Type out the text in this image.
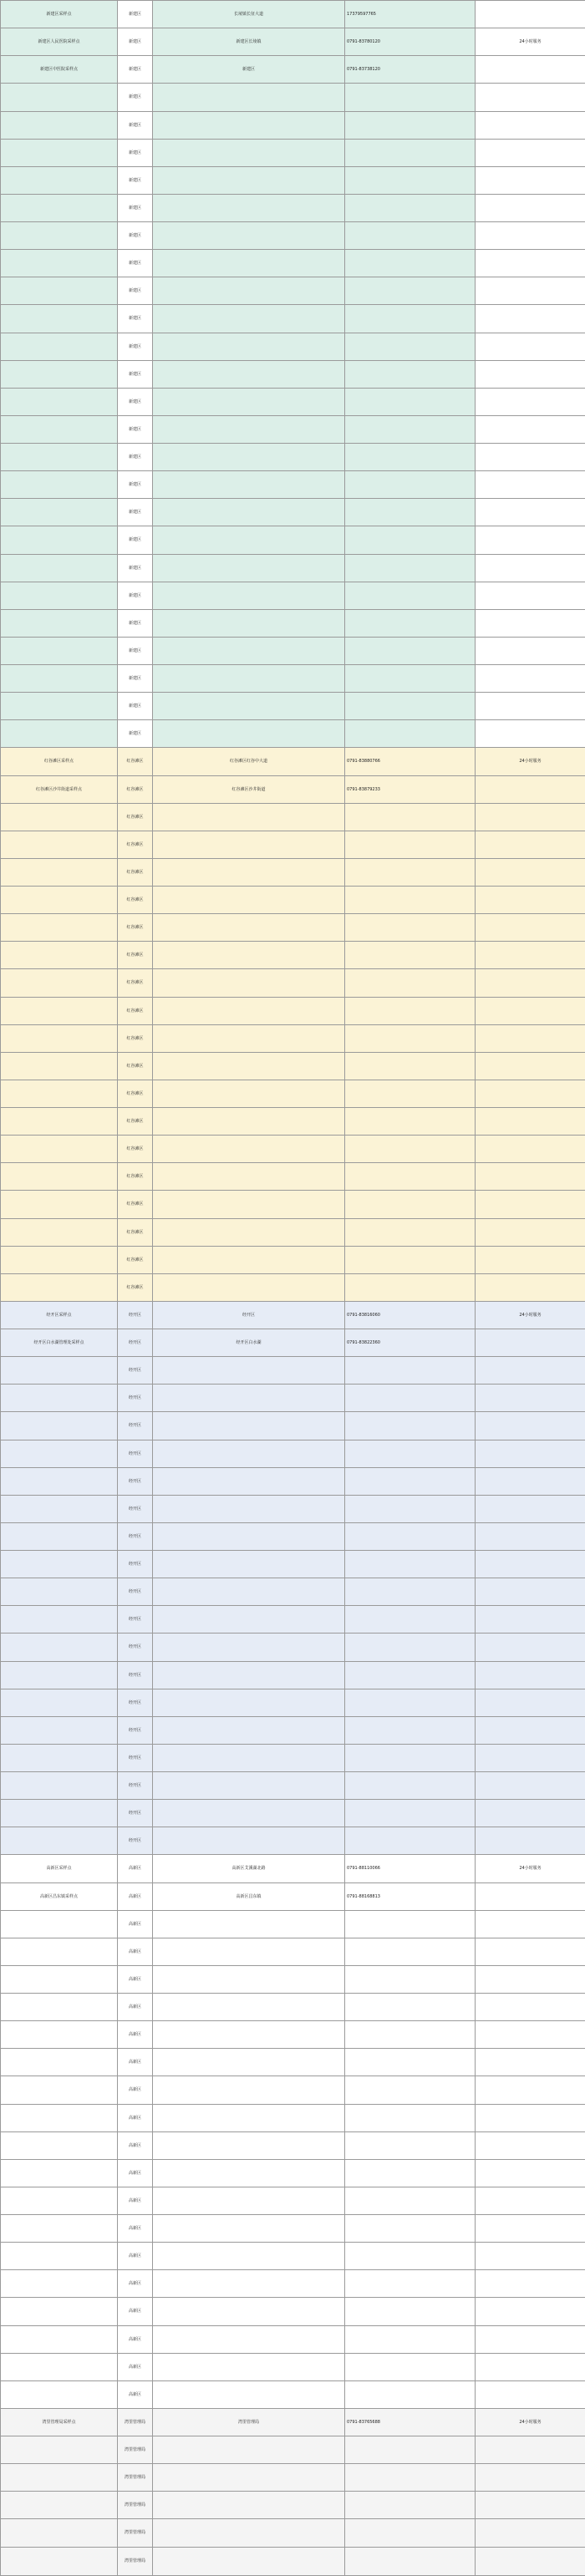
新建区采样点	新建区	长堎镇长征大道	17379597765	
新建区人民医院采样点	新建区	新建区长堎镇	0791-83780120	24小时服务
新建区中医院采样点	新建区	新建区	0791-83738120	
	新建区			
	新建区			
	新建区			
	新建区			
	新建区			
	新建区			
	新建区			
	新建区			
	新建区			
	新建区			
	新建区			
	新建区			
	新建区			
	新建区			
	新建区			
	新建区			
	新建区			
	新建区			
	新建区			
	新建区			
	新建区			
	新建区			
	新建区			
	新建区			
红谷滩区采样点	红谷滩区	红谷滩区红谷中大道	0791-83880766	24小时服务
红谷滩区沙井街道采样点	红谷滩区	红谷滩区沙井街道	0791-83879233	
	红谷滩区			
	红谷滩区			
	红谷滩区			
	红谷滩区			
	红谷滩区			
	红谷滩区			
	红谷滩区			
	红谷滩区			
	红谷滩区			
	红谷滩区			
	红谷滩区			
	红谷滩区			
	红谷滩区			
	红谷滩区			
	红谷滩区			
	红谷滩区			
	红谷滩区			
	红谷滩区			
经开区采样点	经开区	经开区	0791-83816060	24小时服务
经开区白水湖管理处采样点	经开区	经开区白水湖	0791-83822360	
	经开区			
	经开区			
	经开区			
	经开区			
	经开区			
	经开区			
	经开区			
	经开区			
	经开区			
	经开区			
	经开区			
	经开区			
	经开区			
	经开区			
	经开区			
	经开区			
	经开区			
	经开区			
高新区采样点	高新区	高新区艾溪湖北路	0791-88110066	24小时服务
高新区昌东镇采样点	高新区	高新区昌东镇	0791-88168813	
	高新区			
	高新区			
	高新区			
	高新区			
	高新区			
	高新区			
	高新区			
	高新区			
	高新区			
	高新区			
	高新区			
	高新区			
	高新区			
	高新区			
	高新区			
	高新区			
	高新区			
	高新区			
湾里管理局采样点	湾里管理局	湾里管理局	0791-83765688	24小时服务
	湾里管理局			
	湾里管理局			
	湾里管理局			
	湾里管理局			
	湾里管理局			
